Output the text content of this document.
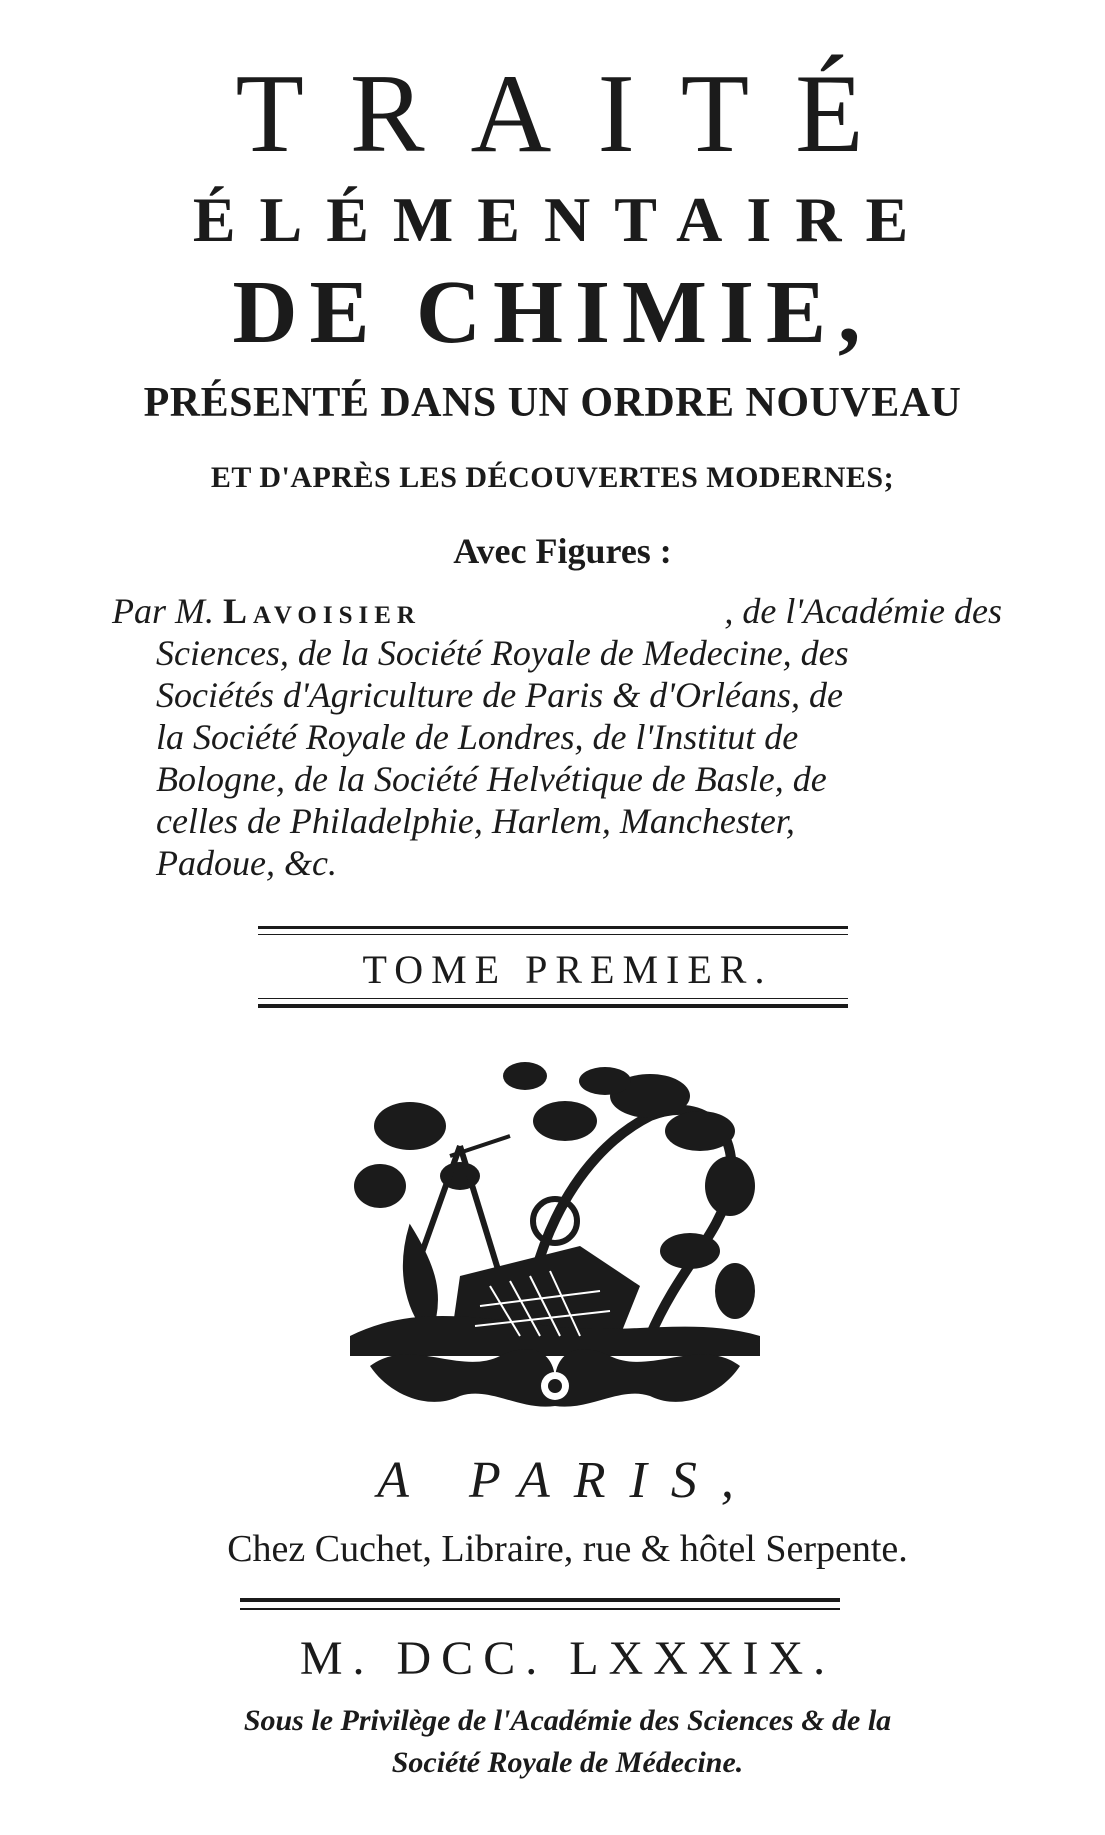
TRAITÉ
ÉLÉMENTAIRE
DE CHIMIE,
PRÉSENTÉ DANS UN ORDRE NOUVEAU
ET D'APRÈS LES DÉCOUVERTES MODERNES;
Avec Figures :
Par M. Lavoisier	, de l'Académie des
Sciences, de la Société Royale de Medecine, des
Sociétés d'Agriculture de Paris & d'Orléans, de
la Société Royale de Londres, de l'Institut de
Bologne, de la Société Helvétique de Basle, de
celles de Philadelphie, Harlem, Manchester,
Padoue, &c.
TOME PREMIER.
A PARIS,
Chez Cuchet, Libraire, rue & hôtel Serpente.
M. DCC. LXXXIX.
Sous le Privilège de l'Académie des Sciences & de la
Société Royale de Médecine.
